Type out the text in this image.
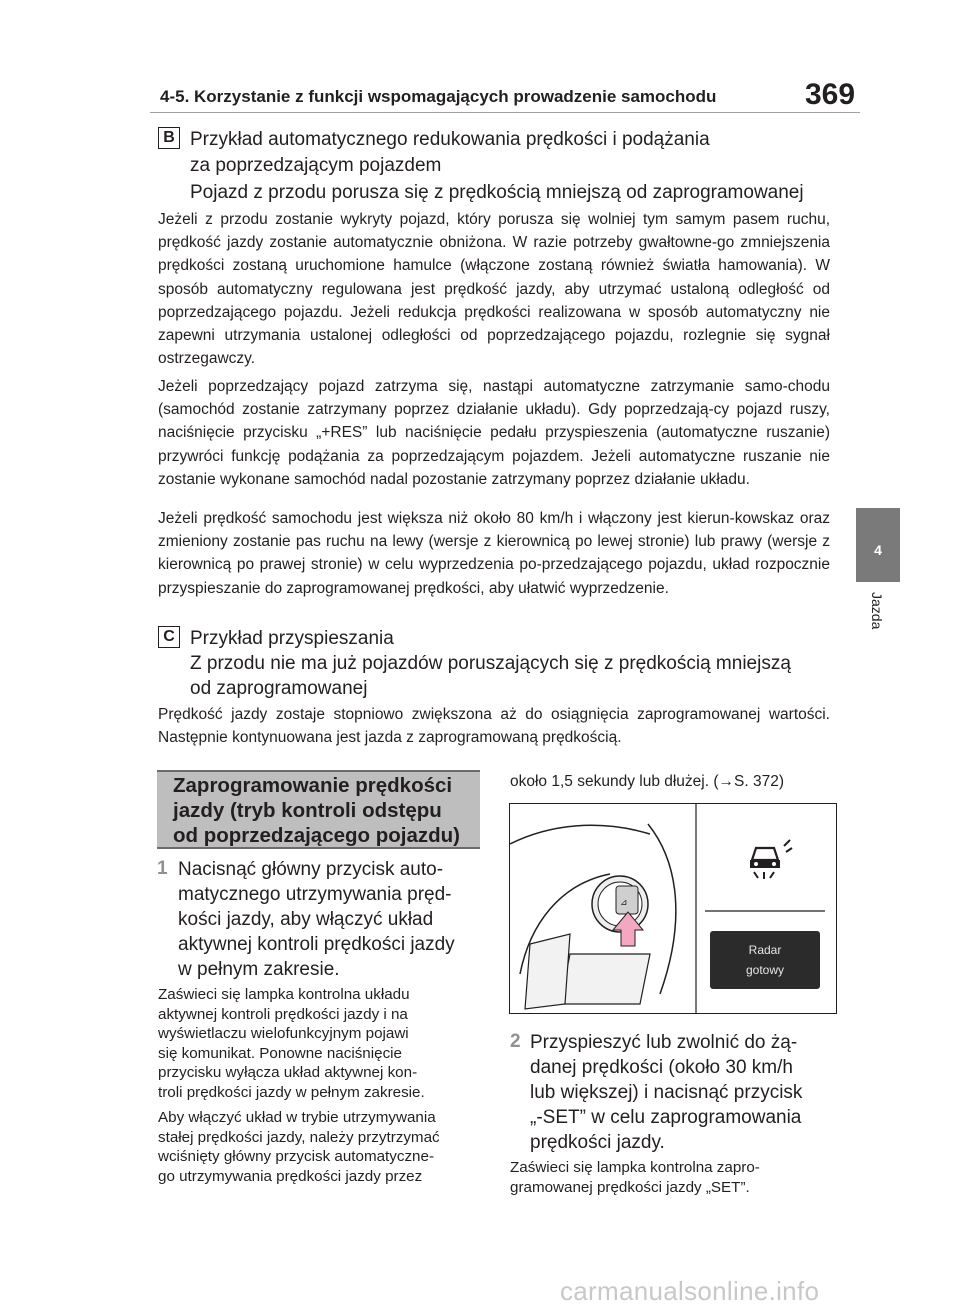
4-5. Korzystanie z funkcji wspomagających prowadzenie samochodu	369
4
Jazda
B Przykład automatycznego redukowania prędkości i podążania
za poprzedzającym pojazdem
Pojazd z przodu porusza się z prędkością mniejszą od zaprogramowanej
Jeżeli z przodu zostanie wykryty pojazd, który porusza się wolniej tym samym pasem ruchu, prędkość jazdy zostanie automatycznie obniżona. W razie potrzeby gwałtowne-go zmniejszenia prędkości zostaną uruchomione hamulce (włączone zostaną również światła hamowania). W sposób automatyczny regulowana jest prędkość jazdy, aby utrzymać ustaloną odległość od poprzedzającego pojazdu. Jeżeli redukcja prędkości realizowana w sposób automatyczny nie zapewni utrzymania ustalonej odległości od poprzedzającego pojazdu, rozlegnie się sygnał ostrzegawczy.
Jeżeli poprzedzający pojazd zatrzyma się, nastąpi automatyczne zatrzymanie samo-chodu (samochód zostanie zatrzymany poprzez działanie układu). Gdy poprzedzają-cy pojazd ruszy, naciśnięcie przycisku „+RES” lub naciśnięcie pedału przyspieszenia (automatyczne ruszanie) przywróci funkcję podążania za poprzedzającym pojazdem. Jeżeli automatyczne ruszanie nie zostanie wykonane samochód nadal pozostanie zatrzymany poprzez działanie układu.
Jeżeli prędkość samochodu jest większa niż około 80 km/h i włączony jest kierun-kowskaz oraz zmieniony zostanie pas ruchu na lewy (wersje z kierownicą po lewej stronie) lub prawy (wersje z kierownicą po prawej stronie) w celu wyprzedzenia po-przedzającego pojazdu, układ rozpocznie przyspieszanie do zaprogramowanej prędkości, aby ułatwić wyprzedzenie.
C Przykład przyspieszania
Z przodu nie ma już pojazdów poruszających się z prędkością mniejszą
od zaprogramowanej
Prędkość jazdy zostaje stopniowo zwiększona aż do osiągnięcia zaprogramowanej wartości. Następnie kontynuowana jest jazda z zaprogramowaną prędkością.
Zaprogramowanie prędkości
jazdy (tryb kontroli odstępu
od poprzedzającego pojazdu)
1 Nacisnąć główny przycisk auto-
matycznego utrzymywania pręd-
kości jazdy, aby włączyć układ
aktywnej kontroli prędkości jazdy
w pełnym zakresie.
Zaświeci się lampka kontrolna układu
aktywnej kontroli prędkości jazdy i na
wyświetlaczu wielofunkcyjnym pojawi
się komunikat. Ponowne naciśnięcie
przycisku wyłącza układ aktywnej kon-
troli prędkości jazdy w pełnym zakresie.
Aby włączyć układ w trybie utrzymywania
stałej prędkości jazdy, należy przytrzymać
wciśnięty główny przycisk automatyczne-
go utrzymywania prędkości jazdy przez
około 1,5 sekundy lub dłużej. (→S. 372)
⊿
Radar
gotowy
2 Przyspieszyć lub zwolnić do żą-
danej prędkości (około 30 km/h
lub większej) i nacisnąć przycisk
„-SET” w celu zaprogramowania
prędkości jazdy.
Zaświeci się lampka kontrolna zapro-
gramowanej prędkości jazdy „SET”.
carmanualsonline.info
